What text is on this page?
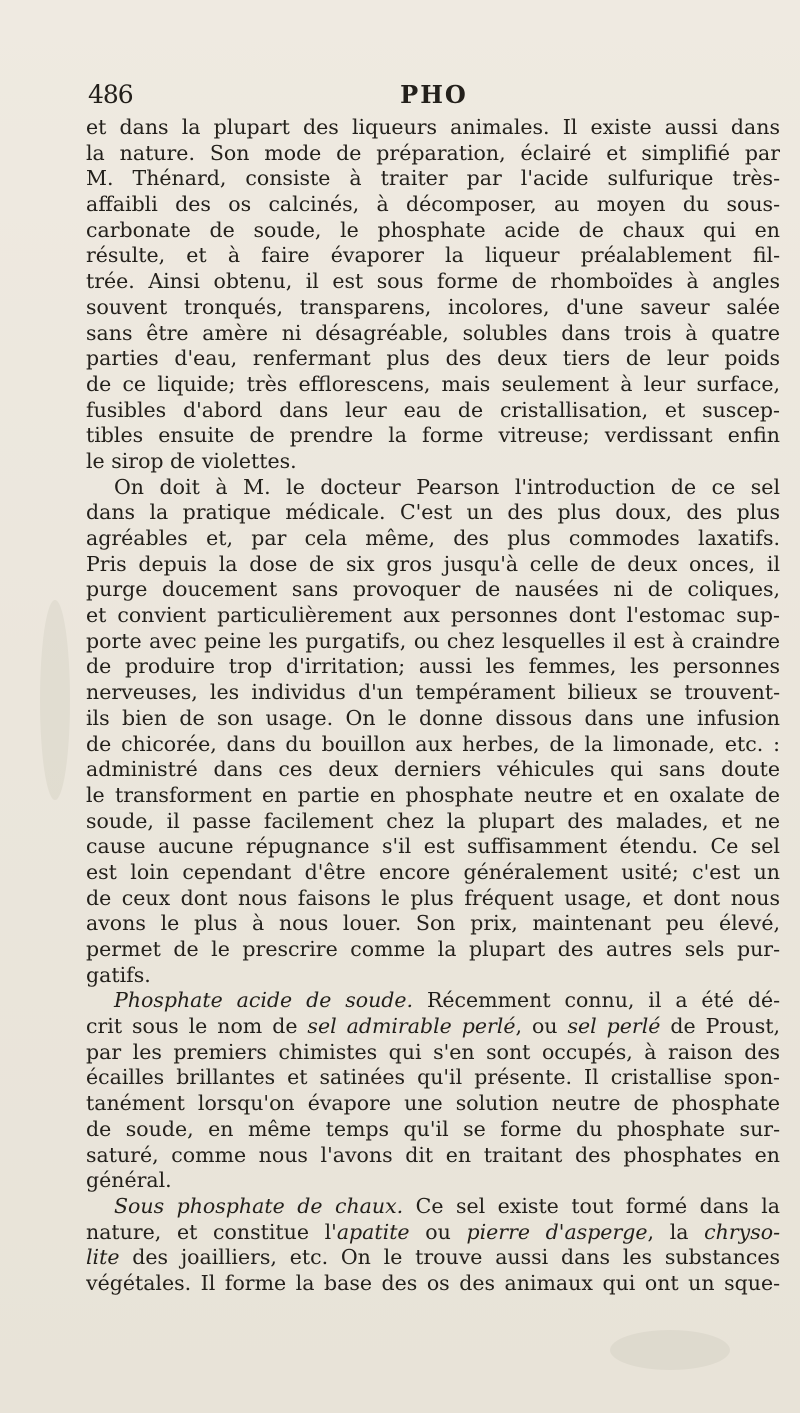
486	PHO
et dans la plupart des liqueurs animales. Il existe aussi dans
la nature. Son mode de préparation, éclairé et simplifié par
M. Thénard, consiste à traiter par l'acide sulfurique très-
affaibli des os calcinés, à décomposer, au moyen du sous-
carbonate de soude, le phosphate acide de chaux qui en
résulte, et à faire évaporer la liqueur préalablement fil-
trée. Ainsi obtenu, il est sous forme de rhomboïdes à angles
souvent tronqués, transparens, incolores, d'une saveur salée
sans être amère ni désagréable, solubles dans trois à quatre
parties d'eau, renfermant plus des deux tiers de leur poids
de ce liquide; très efflorescens, mais seulement à leur surface,
fusibles d'abord dans leur eau de cristallisation, et suscep-
tibles ensuite de prendre la forme vitreuse; verdissant enfin
le sirop de violettes.
On doit à M. le docteur Pearson l'introduction de ce sel
dans la pratique médicale. C'est un des plus doux, des plus
agréables et, par cela même, des plus commodes laxatifs.
Pris depuis la dose de six gros jusqu'à celle de deux onces, il
purge doucement sans provoquer de nausées ni de coliques,
et convient particulièrement aux personnes dont l'estomac sup-
porte avec peine les purgatifs, ou chez lesquelles il est à craindre
de produire trop d'irritation; aussi les femmes, les personnes
nerveuses, les individus d'un tempérament bilieux se trouvent-
ils bien de son usage. On le donne dissous dans une infusion
de chicorée, dans du bouillon aux herbes, de la limonade, etc. :
administré dans ces deux derniers véhicules qui sans doute
le transforment en partie en phosphate neutre et en oxalate de
soude, il passe facilement chez la plupart des malades, et ne
cause aucune répugnance s'il est suffisamment étendu. Ce sel
est loin cependant d'être encore généralement usité; c'est un
de ceux dont nous faisons le plus fréquent usage, et dont nous
avons le plus à nous louer. Son prix, maintenant peu élevé,
permet de le prescrire comme la plupart des autres sels pur-
gatifs.
Phosphate acide de soude. Récemment connu, il a été dé-
crit sous le nom de sel admirable perlé, ou sel perlé de Proust,
par les premiers chimistes qui s'en sont occupés, à raison des
écailles brillantes et satinées qu'il présente. Il cristallise spon-
tanément lorsqu'on évapore une solution neutre de phosphate
de soude, en même temps qu'il se forme du phosphate sur-
saturé, comme nous l'avons dit en traitant des phosphates en
général.
Sous phosphate de chaux. Ce sel existe tout formé dans la
nature, et constitue l'apatite ou pierre d'asperge, la chryso-
lite des joailliers, etc. On le trouve aussi dans les substances
végétales. Il forme la base des os des animaux qui ont un sque-
